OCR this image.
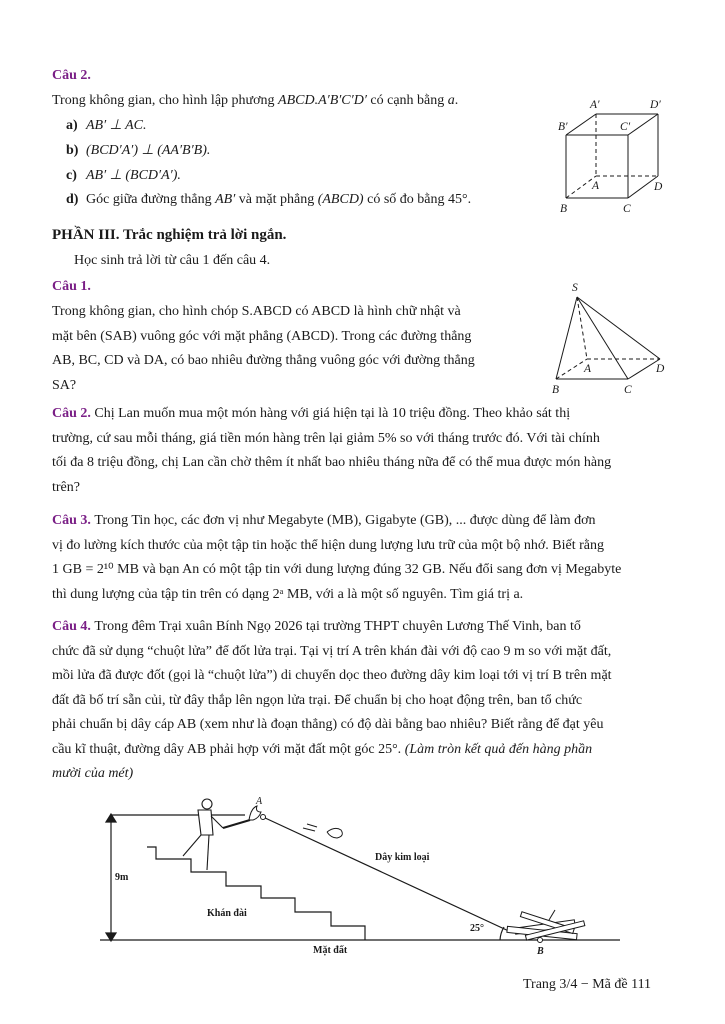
Câu 2.
Trong không gian, cho hình lập phương ABCD.A′B′C′D′ có cạnh bằng a.
a) AB′ ⊥ AC.
b) (BCD′A′) ⊥ (AA′B′B).
c) AB′ ⊥ (BCD′A′).
d) Góc giữa đường thẳng AB′ và mặt phẳng (ABCD) có số đo bằng 45°.
A′	D′
B′	C′
A	D
B	C
PHẦN III. Trắc nghiệm trả lời ngắn.
Học sinh trả lời từ câu 1 đến câu 4.
Câu 1.
Trong không gian, cho hình chóp S.ABCD có ABCD là hình chữ nhật và
mặt bên (SAB) vuông góc với mặt phẳng (ABCD). Trong các đường thẳng
AB, BC, CD và DA, có bao nhiêu đường thẳng vuông góc với đường thẳng
SA?
S
A
B	C
D
Câu 2. Chị Lan muốn mua một món hàng với giá hiện tại là 10 triệu đồng. Theo khảo sát thị
trường, cứ sau mỗi tháng, giá tiền món hàng trên lại giảm 5% so với tháng trước đó. Với tài chính
tối đa 8 triệu đồng, chị Lan cần chờ thêm ít nhất bao nhiêu tháng nữa để có thể mua được món hàng
trên?
Câu 3. Trong Tin học, các đơn vị như Megabyte (MB), Gigabyte (GB), ... được dùng để làm đơn
vị đo lường kích thước của một tập tin hoặc thể hiện dung lượng lưu trữ của một bộ nhớ. Biết rằng
1 GB = 2¹⁰ MB và bạn An có một tập tin với dung lượng đúng 32 GB. Nếu đổi sang đơn vị Megabyte
thì dung lượng của tập tin trên có dạng 2ᵃ MB, với a là một số nguyên. Tìm giá trị a.
Câu 4. Trong đêm Trại xuân Bính Ngọ 2026 tại trường THPT chuyên Lương Thế Vinh, ban tổ
chức đã sử dụng “chuột lửa” để đốt lửa trại. Tại vị trí A trên khán đài với độ cao 9 m so với mặt đất,
mồi lửa đã được đốt (gọi là “chuột lửa”) di chuyển dọc theo đường dây kim loại tới vị trí B trên mặt
đất đã bố trí sẵn củi, từ đây thắp lên ngọn lửa trại. Để chuẩn bị cho hoạt động trên, ban tổ chức
phải chuẩn bị dây cáp AB (xem như là đoạn thẳng) có độ dài bằng bao nhiêu? Biết rằng để đạt yêu
cầu kĩ thuật, đường dây AB phải hợp với mặt đất một góc 25°. (Làm tròn kết quả đến hàng phần
mười của mét)
9m
Khán đài
Mặt đất
Dây kim loại
25°
A
B
Trang 3/4 − Mã đề 111
